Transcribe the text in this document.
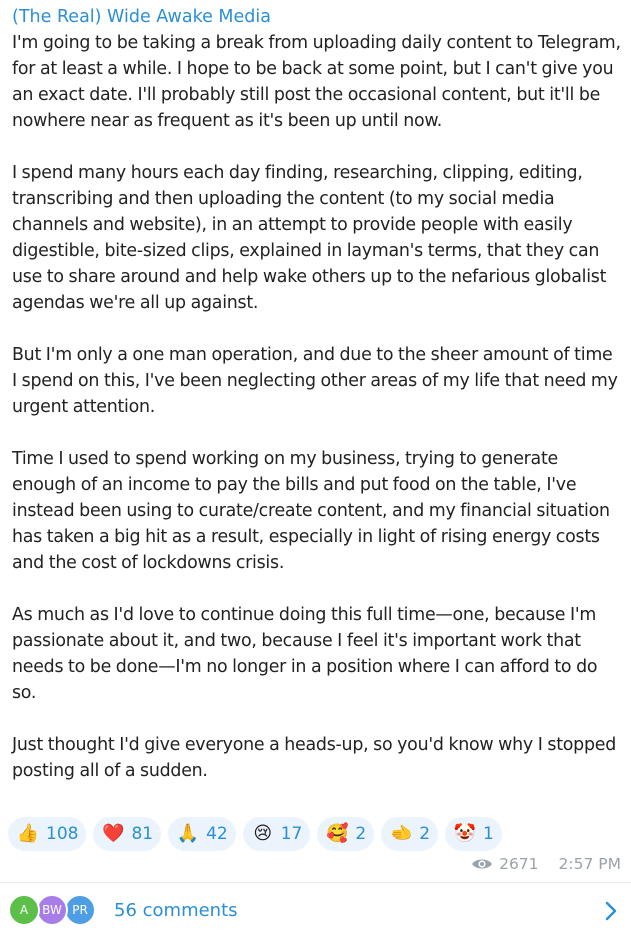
(The Real) Wide Awake Media

I'm going to be taking a break from uploading daily content to Telegram, for at least a while. I hope to be back at some point, but I can't give you an exact date. I'll probably still post the occasional content, but it'll be nowhere near as frequent as it's been up until now.

I spend many hours each day finding, researching, clipping, editing, transcribing and then uploading the content (to my social media channels and website), in an attempt to provide people with easily digestible, bite-sized clips, explained in layman's terms, that they can use to share around and help wake others up to the nefarious globalist agendas we're all up against.

But I'm only a one man operation, and due to the sheer amount of time I spend on this, I've been neglecting other areas of my life that need my urgent attention.

Time I used to spend working on my business, trying to generate enough of an income to pay the bills and put food on the table, I've instead been using to curate/create content, and my financial situation has taken a big hit as a result, especially in light of rising energy costs and the cost of lockdowns crisis.

As much as I'd love to continue doing this full time—one, because I'm passionate about it, and two, because I feel it's important work that needs to be done—I'm no longer in a position where I can afford to do so.

Just thought I'd give everyone a heads-up, so you'd know why I stopped posting all of a sudden.

👍 108 ❤️ 81 🙏 42 😢 17 🥰 2 🫲 2 🤡 1
2671 2:57 PM
A	BW PR	56 comments
